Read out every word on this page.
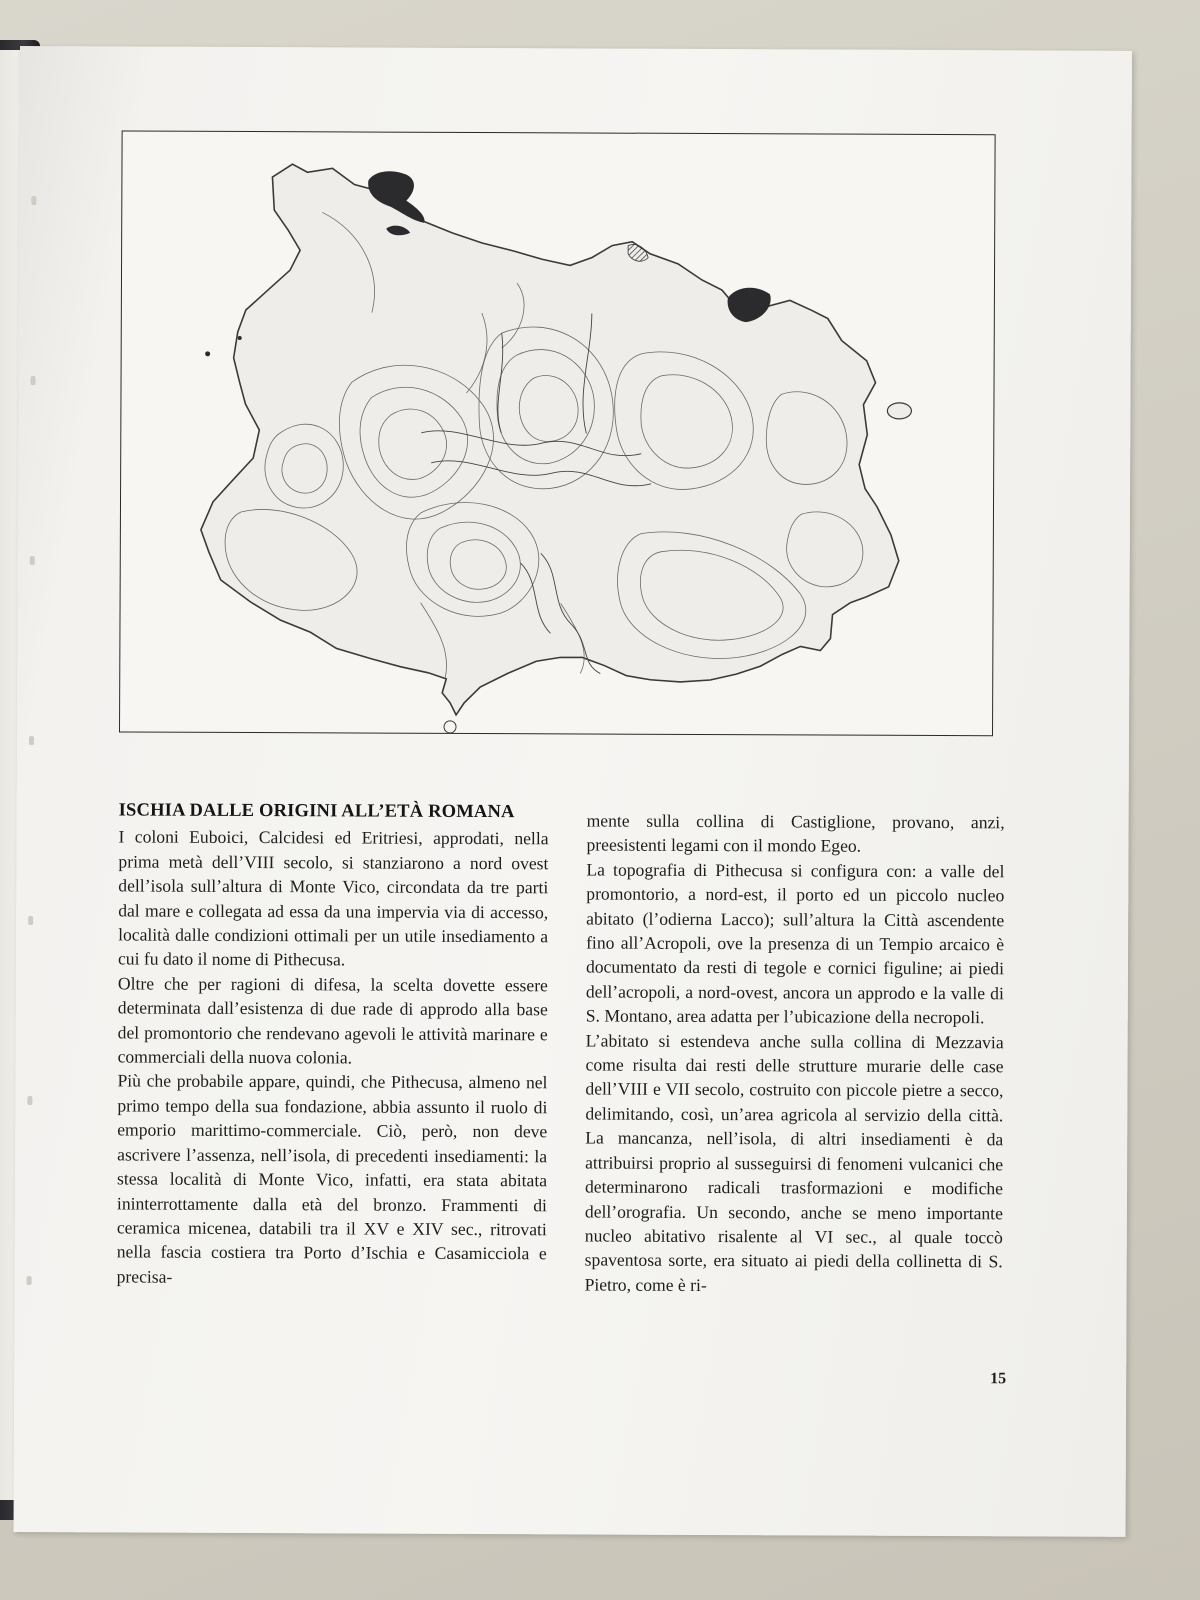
ISCHIA DALLE ORIGINI ALL’ETÀ ROMANA

I coloni Euboici, Calcidesi ed Eritriesi, approdati, nella prima metà dell’VIII secolo, si stanziarono a nord ovest dell’isola sull’altura di Monte Vico, circondata da tre parti dal mare e collegata ad essa da una impervia via di accesso, località dalle condizioni ottimali per un utile insediamento a cui fu dato il nome di Pithecusa.

Oltre che per ragioni di difesa, la scelta dovette essere determinata dall’esistenza di due rade di approdo alla base del promontorio che rendevano agevoli le attività marinare e commerciali della nuova colonia.

Più che probabile appare, quindi, che Pithecusa, almeno nel primo tempo della sua fondazione, abbia assunto il ruolo di emporio marittimo-commerciale. Ciò, però, non deve ascrivere l’assenza, nell’isola, di precedenti insediamenti: la stessa località di Monte Vico, infatti, era stata abitata ininterrottamente dalla età del bronzo. Frammenti di ceramica micenea, databili tra il XV e XIV sec., ritrovati nella fascia costiera tra Porto d’Ischia e Casamicciola e precisa-

mente sulla collina di Castiglione, provano, anzi, preesistenti legami con il mondo Egeo.

La topografia di Pithecusa si configura con: a valle del promontorio, a nord-est, il porto ed un piccolo nucleo abitato (l’odierna Lacco); sull’altura la Città ascendente fino all’Acropoli, ove la presenza di un Tempio arcaico è documentato da resti di tegole e cornici figuline; ai piedi dell’acropoli, a nord-ovest, ancora un approdo e la valle di S. Montano, area adatta per l’ubicazione della necropoli.

L’abitato si estendeva anche sulla collina di Mezzavia come risulta dai resti delle strutture murarie delle case dell’VIII e VII secolo, costruito con piccole pietre a secco, delimitando, così, un’area agricola al servizio della città. La mancanza, nell’isola, di altri insediamenti è da attribuirsi proprio al susseguirsi di fenomeni vulcanici che determinarono radicali trasformazioni e modifiche dell’orografia. Un secondo, anche se meno importante nucleo abitativo risalente al VI sec., al quale toccò spaventosa sorte, era situato ai piedi della collinetta di S. Pietro, come è ri-

15
